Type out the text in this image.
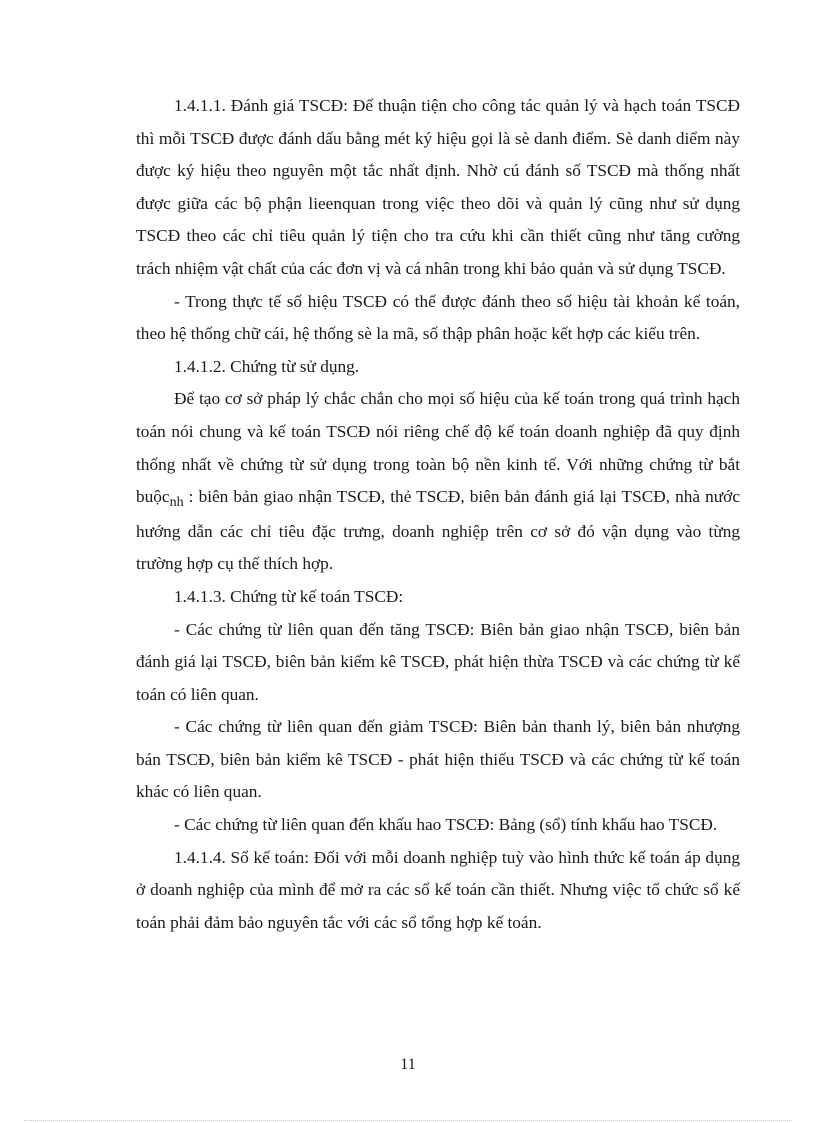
1.4.1.1. Đánh giá TSCĐ: Để thuận tiện cho công tác quản lý và hạch toán TSCĐ thì mỗi TSCĐ được đánh dấu bằng mét ký hiệu gọi là sè danh điểm. Sè danh diểm này được ký hiệu theo nguyên một tắc nhất định. Nhờ cú đánh số TSCĐ mà thống nhất được giữa các bộ phận lieenquan trong việc theo dõi và quản lý cũng như sử dụng TSCĐ theo các chỉ tiêu quản lý tiện cho tra cứu khi cần thiết cũng như tăng cường trách nhiệm vật chất của các đơn vị và cá nhân trong khi bảo quản và sử dụng TSCĐ.

- Trong thực tế số hiệu TSCĐ có thể được đánh theo số hiệu tài khoản kế toán, theo hệ thống chữ cái, hệ thống sè la mã, số thập phân hoặc kết hợp các kiểu trên.

1.4.1.2. Chứng từ sử dụng.

Để tạo cơ sở pháp lý chắc chắn cho mọi số hiệu của kế toán trong quá trình hạch toán nói chung và kế toán TSCĐ nói riêng chế độ kế toán doanh nghiệp đã quy định thống nhất về chứng từ sử dụng trong toàn bộ nền kinh tế. Với những chứng từ bắt buộc$_{nh}$ : biên bản giao nhận TSCĐ, thẻ TSCĐ, biên bản đánh giá lại TSCĐ, nhà nước hướng dẫn các chỉ tiêu đặc trưng, doanh nghiệp trên cơ sở đó vận dụng vào từng trường hợp cụ thể thích hợp.

1.4.1.3. Chứng từ kế toán TSCĐ:

- Các chứng từ liên quan đến tăng TSCĐ: Biên bản giao nhận TSCĐ, biên bản đánh giá lại TSCĐ, biên bản kiểm kê TSCĐ, phát hiện thừa TSCĐ và các chứng từ kế toán có liên quan.

- Các chứng từ liên quan đến giảm TSCĐ: Biên bản thanh lý, biên bản nhượng bán TSCĐ, biên bản kiểm kê TSCĐ - phát hiện thiếu TSCĐ và các chứng từ kế toán khác có liên quan.

- Các chứng từ liên quan đến khấu hao TSCĐ: Bảng (sổ) tính khấu hao TSCĐ.

1.4.1.4. Sổ kế toán: Đối với mỗi doanh nghiệp tuỳ vào hình thức kế toán áp dụng ở doanh nghiệp của mình để mở ra các sổ kế toán cần thiết. Nhưng việc tổ chức sổ kế toán phải đảm bảo nguyên tắc với các sổ tổng hợp kế toán.

11
